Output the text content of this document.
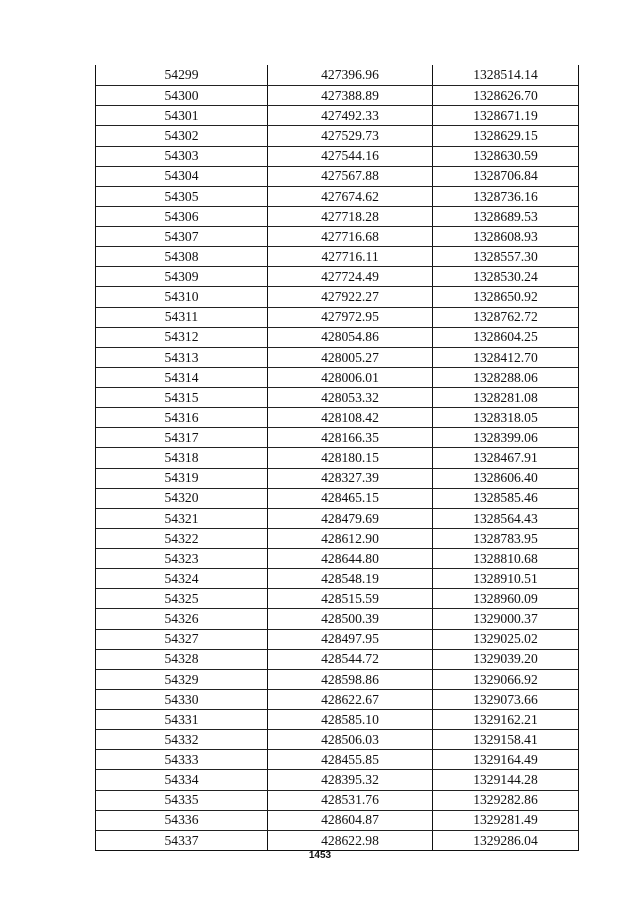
54299	427396.96	1328514.14
54300	427388.89	1328626.70
54301	427492.33	1328671.19
54302	427529.73	1328629.15
54303	427544.16	1328630.59
54304	427567.88	1328706.84
54305	427674.62	1328736.16
54306	427718.28	1328689.53
54307	427716.68	1328608.93
54308	427716.11	1328557.30
54309	427724.49	1328530.24
54310	427922.27	1328650.92
54311	427972.95	1328762.72
54312	428054.86	1328604.25
54313	428005.27	1328412.70
54314	428006.01	1328288.06
54315	428053.32	1328281.08
54316	428108.42	1328318.05
54317	428166.35	1328399.06
54318	428180.15	1328467.91
54319	428327.39	1328606.40
54320	428465.15	1328585.46
54321	428479.69	1328564.43
54322	428612.90	1328783.95
54323	428644.80	1328810.68
54324	428548.19	1328910.51
54325	428515.59	1328960.09
54326	428500.39	1329000.37
54327	428497.95	1329025.02
54328	428544.72	1329039.20
54329	428598.86	1329066.92
54330	428622.67	1329073.66
54331	428585.10	1329162.21
54332	428506.03	1329158.41
54333	428455.85	1329164.49
54334	428395.32	1329144.28
54335	428531.76	1329282.86
54336	428604.87	1329281.49
54337	428622.98	1329286.04
1453
